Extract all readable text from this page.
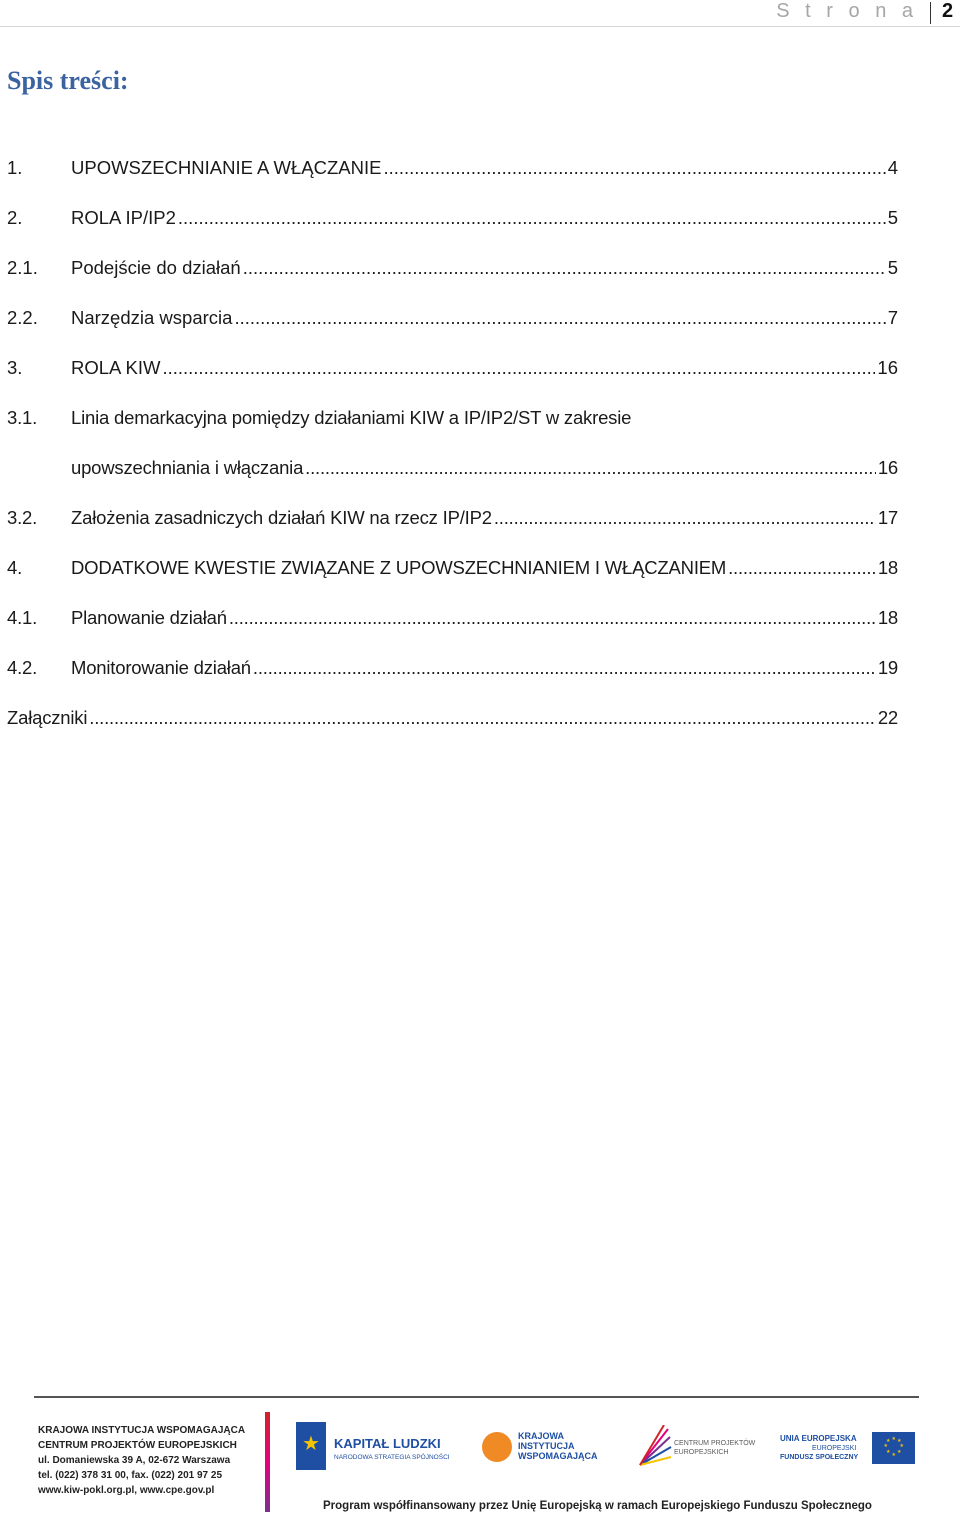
S t r o n a 2
Spis treści:
1.	UPOWSZECHNIANIE A WŁĄCZANIE .....	4
2.	ROLA IP/IP2 .....	5
2.1. Podejście do działań .....	5
2.2. Narzędzia wsparcia .....	7
3.	ROLA KIW .....	16
3.1. Linia demarkacyjna pomiędzy działaniami KIW a IP/IP2/ST w zakresie
upowszechniania i włączania .....	16
3.2. Założenia zasadniczych działań KIW na rzecz IP/IP2 .....	17
4.	DODATKOWE KWESTIE ZWIĄZANE Z UPOWSZECHNIANIEM I WŁĄCZANIEM .....	18
4.1. Planowanie działań .....	18
4.2. Monitorowanie działań .....	19
Załączniki .....	22
KRAJOWA INSTYTUCJA WSPOMAGAJĄCA
CENTRUM PROJEKTÓW EUROPEJSKICH
ul. Domaniewska 39 A, 02-672 Warszawa
tel. (022) 378 31 00, fax. (022) 201 97 25
www.kiw-pokl.org.pl, www.cpe.gov.pl
★ KAPITAŁ LUDZKI
NARODOWA STRATEGIA SPÓJNOŚCI
KRAJOWA
INSTYTUCJA
WSPOMAGAJĄCA
CENTRUM PROJEKTÓW
EUROPEJSKICH
UNIA EUROPEJSKA
EUROPEJSKI
FUNDUSZ SPOŁECZNY
★ ★
★
★
★
★
★
★
Program współfinansowany przez Unię Europejską w ramach Europejskiego Funduszu Społecznego
